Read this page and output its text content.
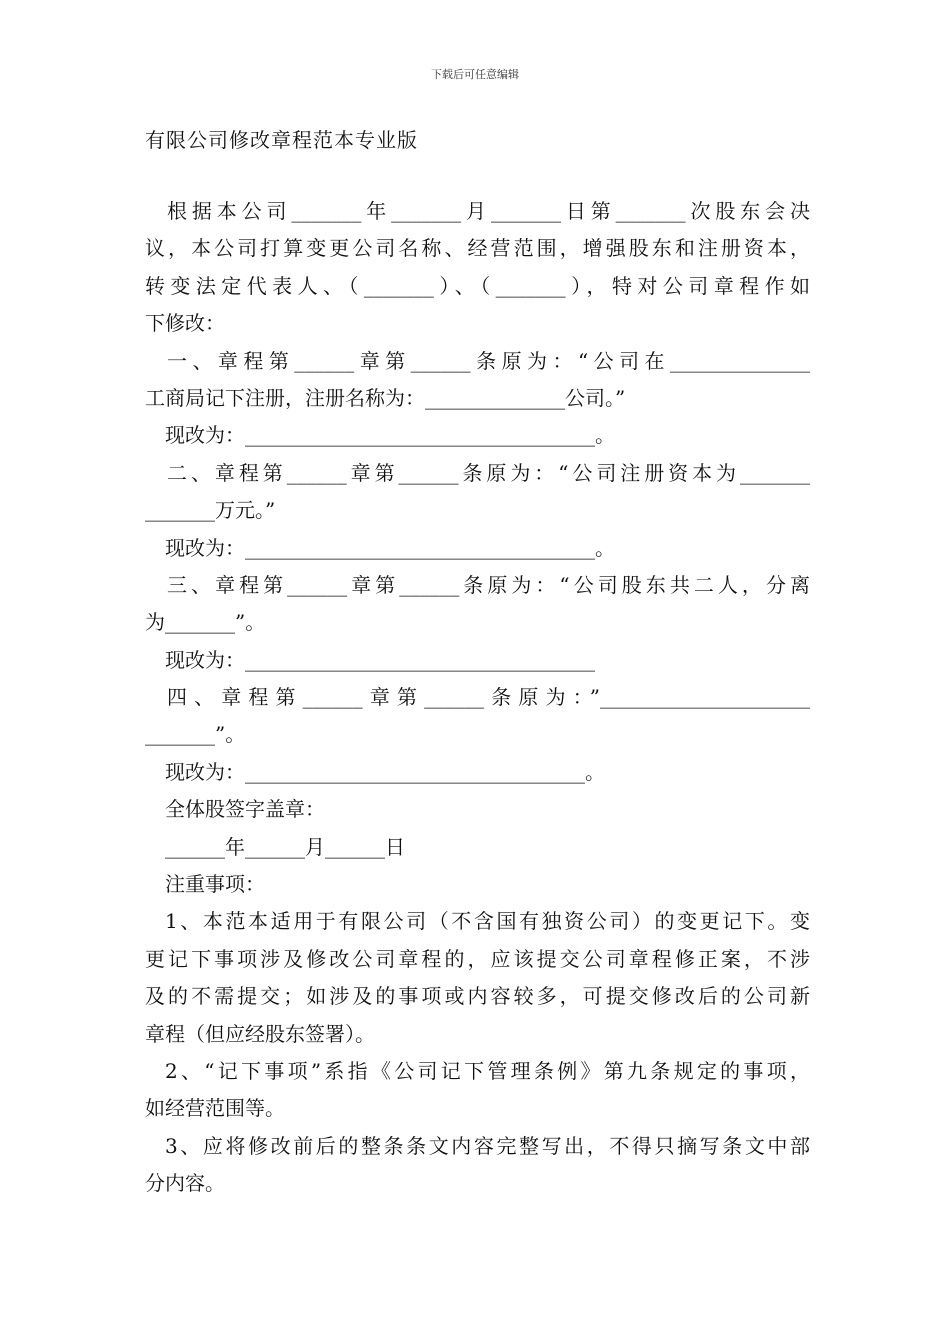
下载后可任意编辑
有限公司修改章程范本专业版
根据本公司_______年_______月_______日第_______次股东会决
议，本公司打算变更公司名称、经营范围，增强股东和注册资本，
转变法定代表人、（_______）、（_______），特对公司章程作如
下修改：
一、章程第______章第______条原为：“公司在______________
工商局记下注册，注册名称为：______________公司。”
现改为：___________________________________。
二、章程第______章第______条原为：“公司注册资本为_______
_______万元。”
现改为：___________________________________。
三、章程第______章第______条原为：“公司股东共二人，分离
为_______”。
现改为：___________________________________
四、章程第______章第______条原为：”_____________________
_______”。
现改为：__________________________________。
全体股签字盖章：
______年______月______日
注重事项：
1、本范本适用于有限公司（不含国有独资公司）的变更记下。变
更记下事项涉及修改公司章程的，应该提交公司章程修正案，不涉
及的不需提交；如涉及的事项或内容较多，可提交修改后的公司新
章程（但应经股东签署）。
2、“记下事项”系指《公司记下管理条例》第九条规定的事项，
如经营范围等。
3、应将修改前后的整条条文内容完整写出，不得只摘写条文中部
分内容。
